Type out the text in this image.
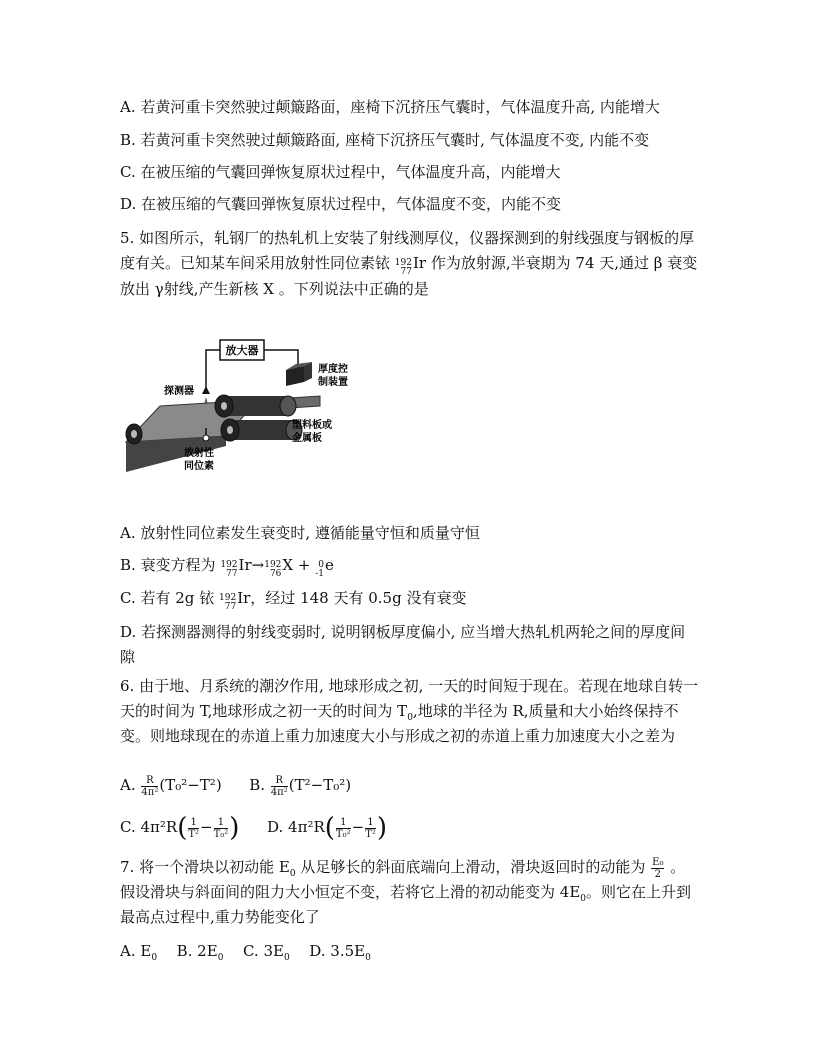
A. 若黄河重卡突然驶过颠簸路面，座椅下沉挤压气囊时，气体温度升高, 内能增大
B. 若黄河重卡突然驶过颠簸路面, 座椅下沉挤压气囊时, 气体温度不变, 内能不变
C. 在被压缩的气囊回弹恢复原状过程中，气体温度升高，内能增大
D. 在被压缩的气囊回弹恢复原状过程中，气体温度不变，内能不变
5. 如图所示，轧钢厂的热轧机上安装了射线测厚仪，仪器探测到的射线强度与钢板的厚度有关。已知某车间采用放射性同位素铱 192
77 Ir 作为放射源,半衰期为 74 天,通过 β 衰变放出 γ射线,产生新核 X 。下列说法中正确的是
放大器
厚度控
制装置
探测器
放射性
同位素
塑料板或
金属板
A. 放射性同位素发生衰变时, 遵循能量守恒和质量守恒
B. 衰变方程为 192
77 Ir→ 192
76 X + 0
-1 e
C. 若有 2g 铱 192
77 Ir，经过 148 天有 0.5g 没有衰变
D. 若探测器测得的射线变弱时, 说明钢板厚度偏小, 应当增大热轧机两轮之间的厚度间隙
6. 由于地、月系统的潮汐作用, 地球形成之初, 一天的时间短于现在。若现在地球自转一天的时间为 T,地球形成之初一天的时间为 $T_0$,地球的半径为 R,质量和大小始终保持不变。则地球现在的赤道上重力加速度大小与形成之初的赤道上重力加速度大小之差为
A. $\frac{R}{\text{4π²}} (T_0^2-T^2)$ B. $\frac{R}{\text{4π²}} (T^2-T_0^2)$
C. $4\pi^2R( \frac{1}{\text{T²}} - \frac{1}{\text{T₀²}}$ ) D. $4\pi^2R( \frac{1}{\text{T₀²}} - \frac{1}{\text{T²}}$ )
7. 将一个滑块以初动能 $E_0$ 从足够长的斜面底端向上滑动，滑块返回时的动能为 $\frac{\text{E₀}}{2}$ 。假设滑块与斜面间的阻力大小恒定不变，若将它上滑的初动能变为 $4E_0$。则它在上升到最高点过程中,重力势能变化了
A. $E_0$ B. $2E_0$ C. $3E_0$ D. $3.5E_0$
